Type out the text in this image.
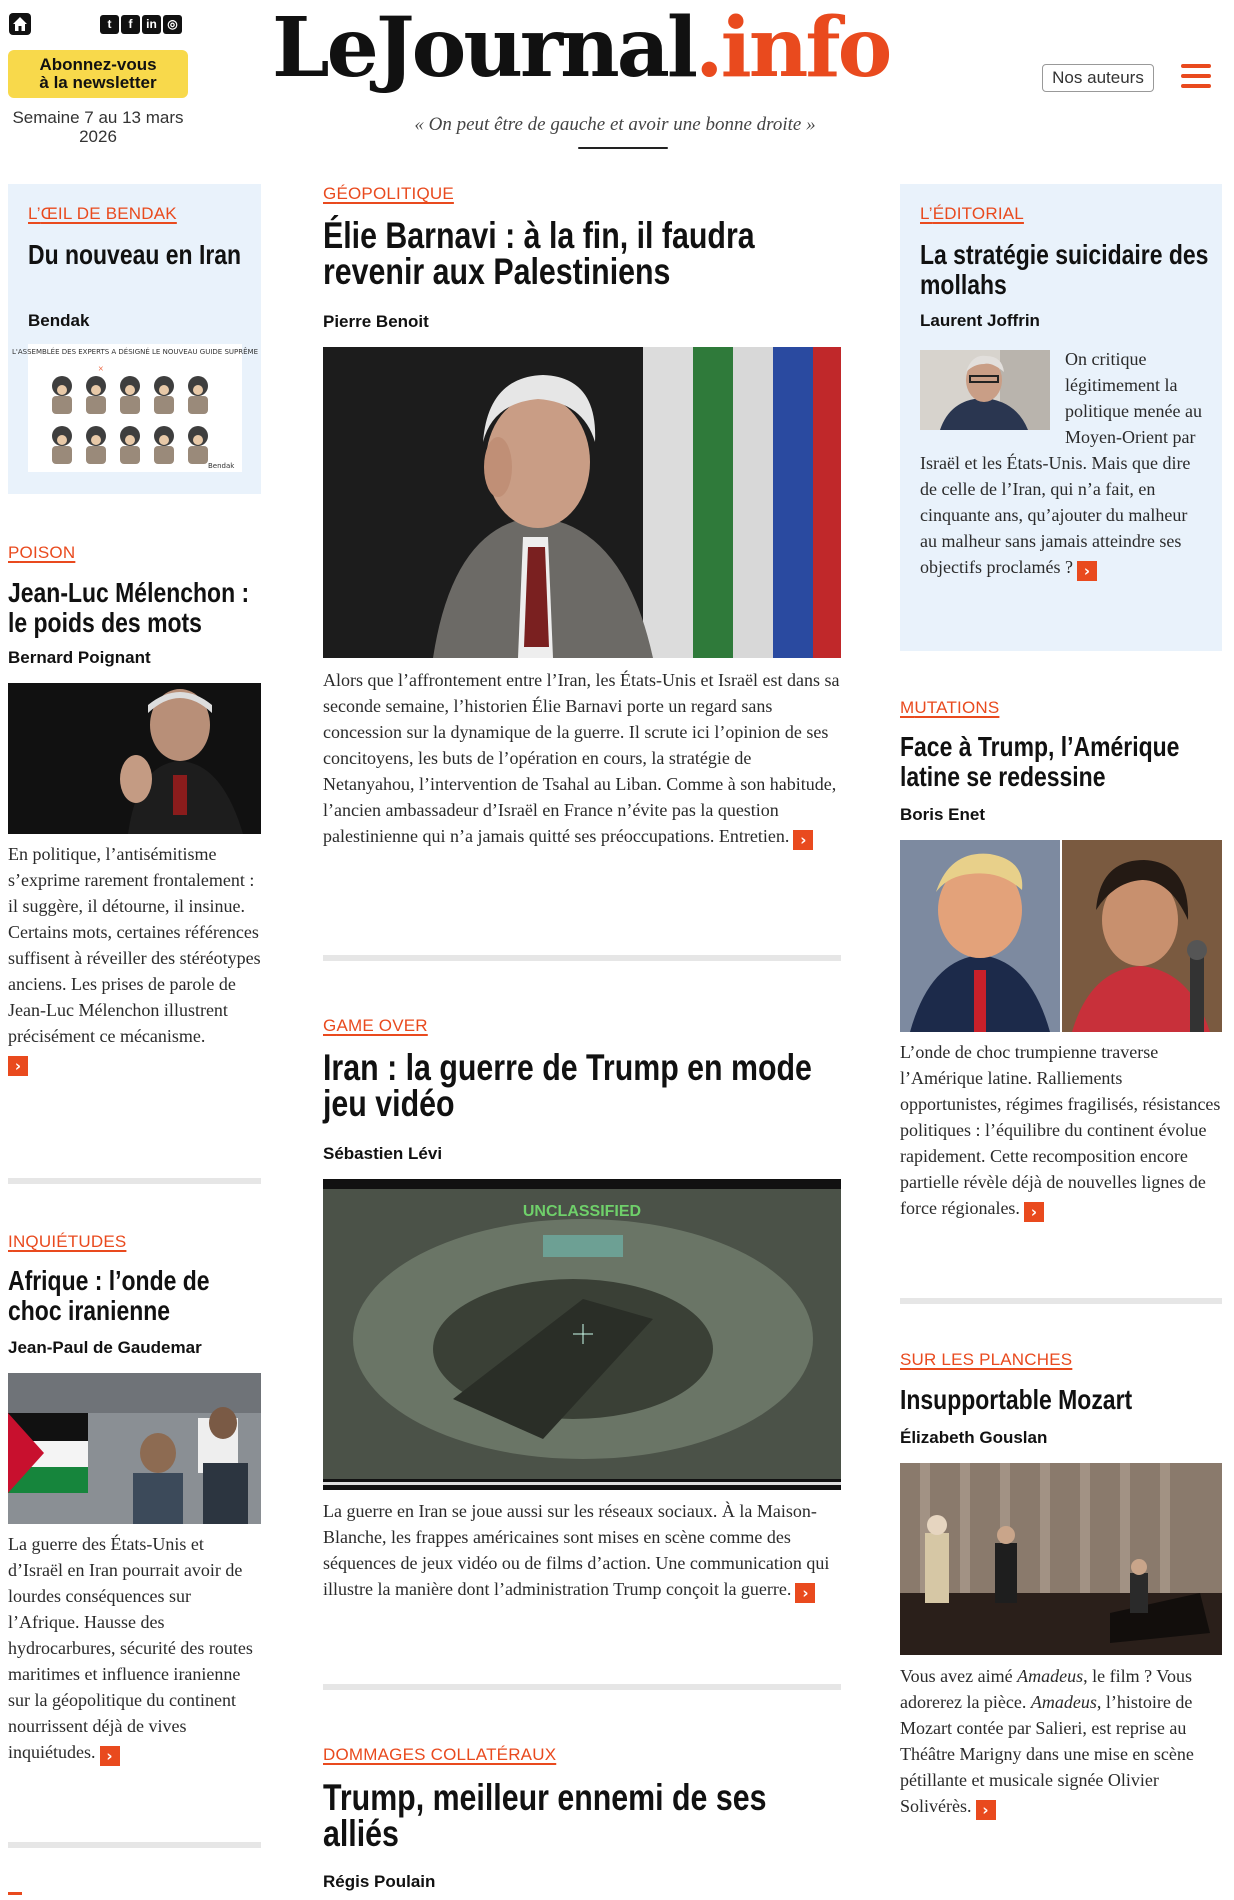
t	f	in ◎
Abonnez-vous
à la newsletter
Semaine 7 au 13 mars 2026
LeJournal.info
« On peut être de gauche et avoir une bonne droite »
Nos auteurs
L’ŒIL DE BENDAK
Du nouveau en Iran
Bendak
L'ASSEMBLÉE DES EXPERTS A DÉSIGNÉ LE NOUVEAU GUIDE SUPRÊME
Bendak
×
POISON
Jean-Luc Mélenchon : le poids des mots
Bernard Poignant
En politique, l’antisémitisme s’exprime rarement frontalement : il suggère, il détourne, il insinue. Certains mots, certaines références suffisent à réveiller des stéréotypes anciens. Les prises de parole de Jean-Luc Mélenchon illustrent précisément ce mécanisme.
›
INQUIÉTUDES
Afrique : l’onde de choc iranienne
Jean-Paul de Gaudemar
La guerre des États-Unis et d’Israël en Iran pourrait avoir de lourdes conséquences sur l’Afrique. Hausse des hydrocarbures, sécurité des routes maritimes et influence iranienne sur la géopolitique du continent nourrissent déjà de vives inquiétudes. ›
GÉOPOLITIQUE
Élie Barnavi : à la fin, il faudra revenir aux Palestiniens
Pierre Benoit
Alors que l’affrontement entre l’Iran, les États-Unis et Israël est dans sa seconde semaine, l’historien Élie Barnavi porte un regard sans concession sur la dynamique de la guerre. Il scrute ici l’opinion de ses concitoyens, les buts de l’opération en cours, la stratégie de Netanyahou, l’intervention de Tsahal au Liban. Comme à son habitude, l’ancien ambassadeur d’Israël en France n’évite pas la question palestinienne qui n’a jamais quitté ses préoccupations. Entretien. ›
GAME OVER
Iran : la guerre de Trump en mode jeu vidéo
Sébastien Lévi
UNCLASSIFIED
La guerre en Iran se joue aussi sur les réseaux sociaux. À la Maison-Blanche, les frappes américaines sont mises en scène comme des séquences de jeux vidéo ou de films d’action. Une communication qui illustre la manière dont l’administration Trump conçoit la guerre. ›
DOMMAGES COLLATÉRAUX
Trump, meilleur ennemi de ses alliés
Régis Poulain
L’ÉDITORIAL
La stratégie suicidaire des mollahs
Laurent Joffrin
On critique légitimement la politique menée au Moyen-Orient par Israël et les États-Unis. Mais que dire de celle de l’Iran, qui n’a fait, en cinquante ans, qu’ajouter du malheur au malheur sans jamais atteindre ses objectifs proclamés ? ›
MUTATIONS
Face à Trump, l’Amérique latine se redessine
Boris Enet
L’onde de choc trumpienne traverse l’Amérique latine. Ralliements opportunistes, régimes fragilisés, résistances politiques : l’équilibre du continent évolue rapidement. Cette recomposition encore partielle révèle déjà de nouvelles lignes de force régionales. ›
SUR LES PLANCHES
Insupportable Mozart
Élizabeth Gouslan
Vous avez aimé Amadeus, le film ? Vous adorerez la pièce. Amadeus, l’histoire de Mozart contée par Salieri, est reprise au Théâtre Marigny dans une mise en scène pétillante et musicale signée Olivier Solivérès. ›
